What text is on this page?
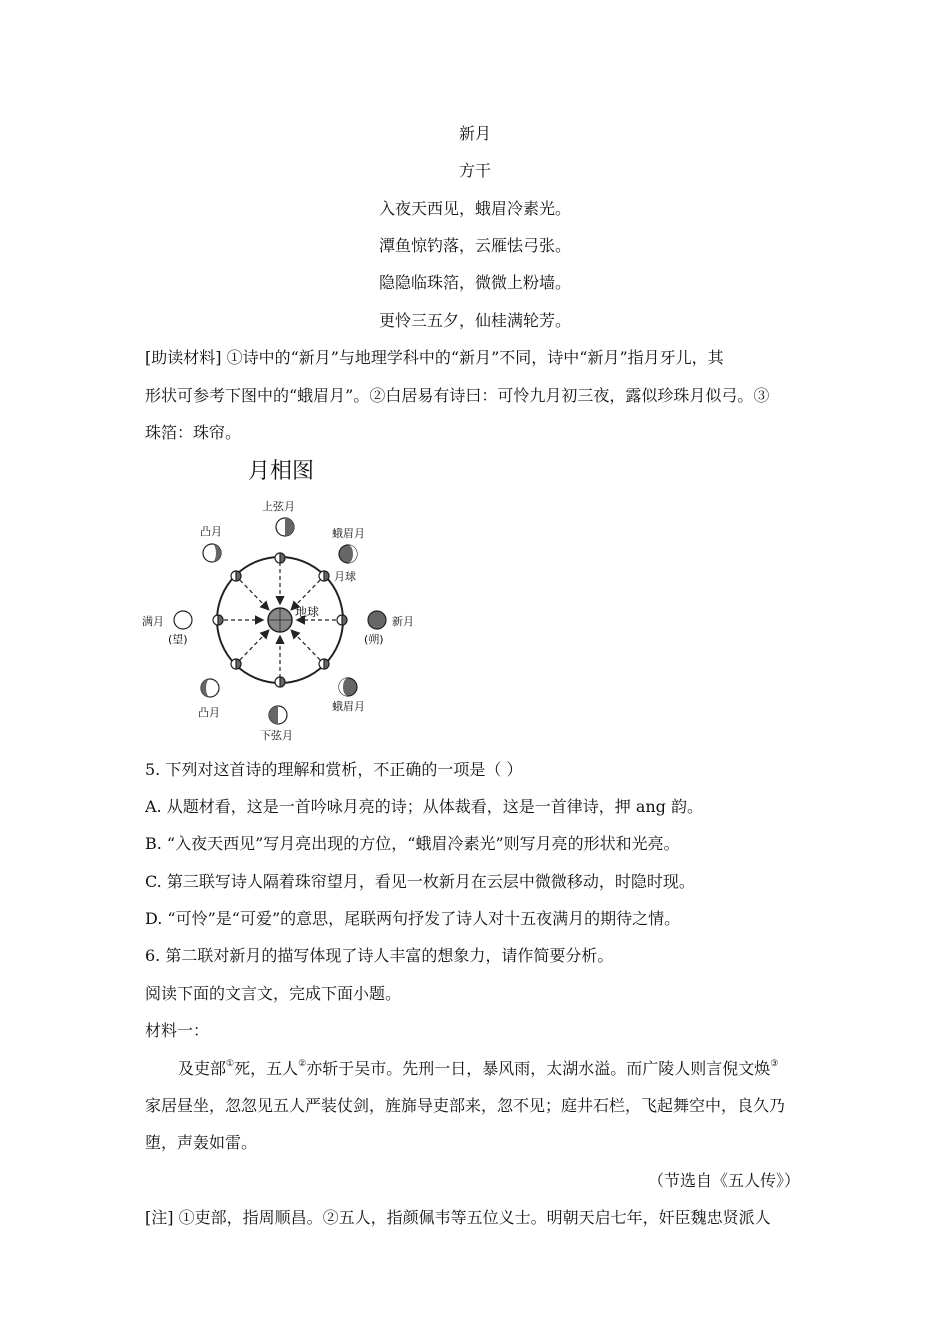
新月
方干
入夜天西见，蛾眉冷素光。
潭鱼惊钓落，云雁怯弓张。
隐隐临珠箔，微微上粉墙。
更怜三五夕，仙桂满轮芳。
[助读材料] ①诗中的“新月”与地理学科中的“新月”不同，诗中“新月”指月牙儿，其
形状可参考下图中的“蛾眉月”。②白居易有诗曰：可怜九月初三夜，露似珍珠月似弓。③
珠箔：珠帘。
月相图
地球
月球
上弦月
蛾眉月
新月
(朔)
蛾眉月
下弦月
凸月
满月
(望)
凸月
5. 下列对这首诗的理解和赏析，不正确的一项是（ ）
A. 从题材看，这是一首吟咏月亮的诗；从体裁看，这是一首律诗，押 ang 韵。
B. “入夜天西见”写月亮出现的方位，“蛾眉冷素光”则写月亮的形状和光亮。
C. 第三联写诗人隔着珠帘望月，看见一枚新月在云层中微微移动，时隐时现。
D. “可怜”是“可爱”的意思，尾联两句抒发了诗人对十五夜满月的期待之情。
6. 第二联对新月的描写体现了诗人丰富的想象力，请作简要分析。
阅读下面的文言文，完成下面小题。
材料一：
及吏部①死，五人②亦斩于吴市。先刑一日，暴风雨，太湖水溢。而广陵人则言倪文焕③
家居昼坐，忽忽见五人严装仗剑，旌旆导吏部来，忽不见；庭井石栏，飞起舞空中，良久乃
堕，声轰如雷。
（节选自《五人传》）
[注] ①吏部，指周顺昌。②五人，指颜佩韦等五位义士。明朝天启七年，奸臣魏忠贤派人
